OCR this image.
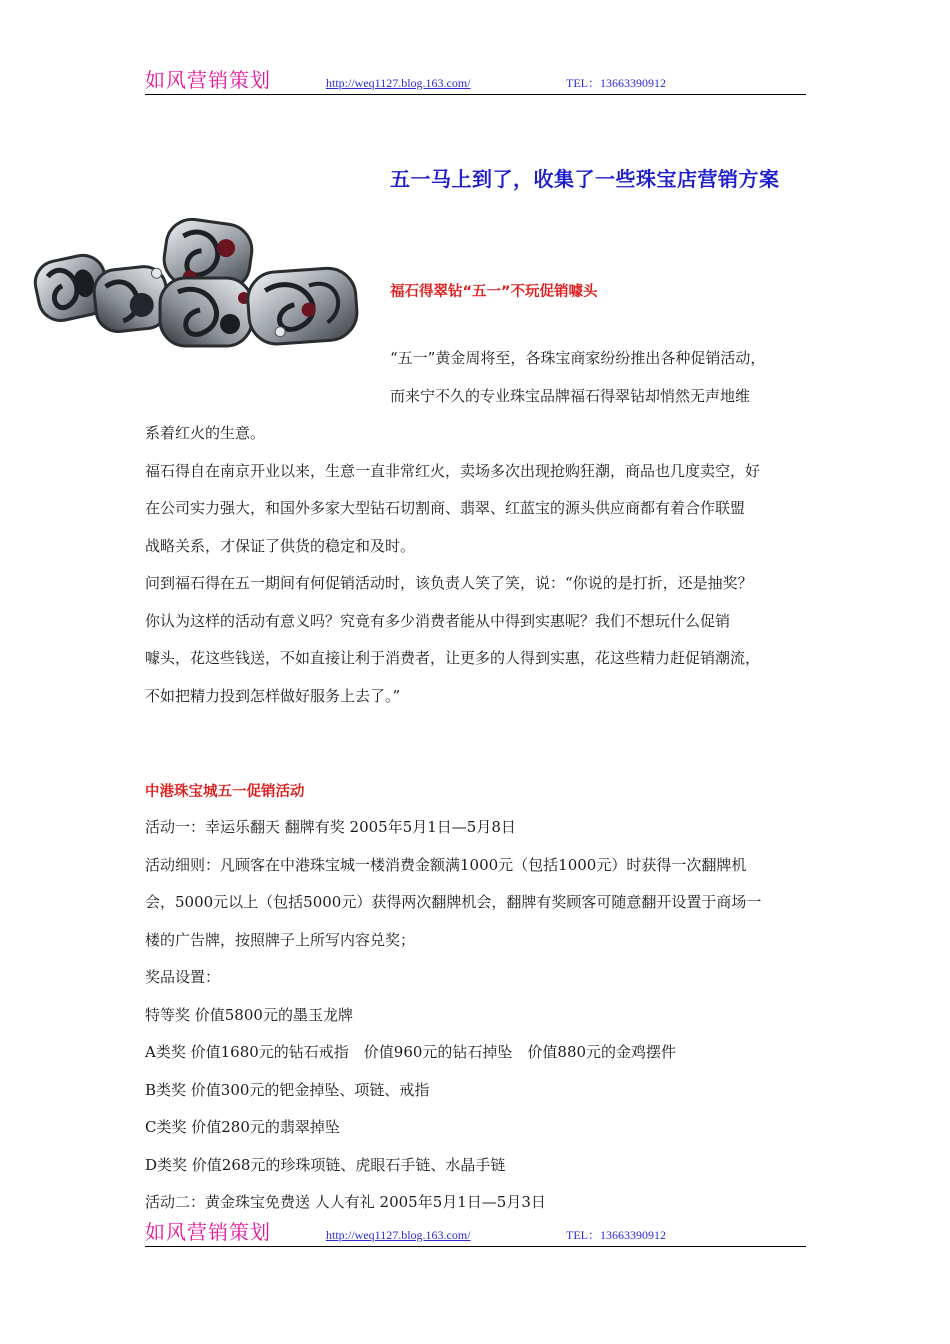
如风营销策划	http://weq1127.blog.163.com/	TEL：13663390912
五一马上到了，收集了一些珠宝店营销方案
福石得翠钻“五一”不玩促销噱头
“五一”黄金周将至，各珠宝商家纷纷推出各种促销活动，
而来宁不久的专业珠宝品牌福石得翠钻却悄然无声地维
系着红火的生意。
福石得自在南京开业以来，生意一直非常红火，卖场多次出现抢购狂潮，商品也几度卖空，好
在公司实力强大，和国外多家大型钻石切割商、翡翠、红蓝宝的源头供应商都有着合作联盟
战略关系，才保证了供货的稳定和及时。
问到福石得在五一期间有何促销活动时，该负责人笑了笑，说：“你说的是打折，还是抽奖？
你认为这样的活动有意义吗？究竟有多少消费者能从中得到实惠呢？我们不想玩什么促销
噱头，花这些钱送，不如直接让利于消费者，让更多的人得到实惠，花这些精力赶促销潮流，
不如把精力投到怎样做好服务上去了。”
中港珠宝城五一促销活动
活动一：幸运乐翻天 翻牌有奖 2005年5月1日—5月8日
活动细则：凡顾客在中港珠宝城一楼消费金额满1000元（包括1000元）时获得一次翻牌机
会，5000元以上（包括5000元）获得两次翻牌机会，翻牌有奖顾客可随意翻开设置于商场一
楼的广告牌，按照牌子上所写内容兑奖；
奖品设置：
特等奖 价值5800元的墨玉龙牌
A类奖 价值1680元的钻石戒指　价值960元的钻石掉坠　价值880元的金鸡摆件
B类奖 价值300元的钯金掉坠、项链、戒指
C类奖 价值280元的翡翠掉坠
D类奖 价值268元的珍珠项链、虎眼石手链、水晶手链
活动二：黄金珠宝免费送 人人有礼 2005年5月1日—5月3日
如风营销策划	http://weq1127.blog.163.com/	TEL：13663390912
